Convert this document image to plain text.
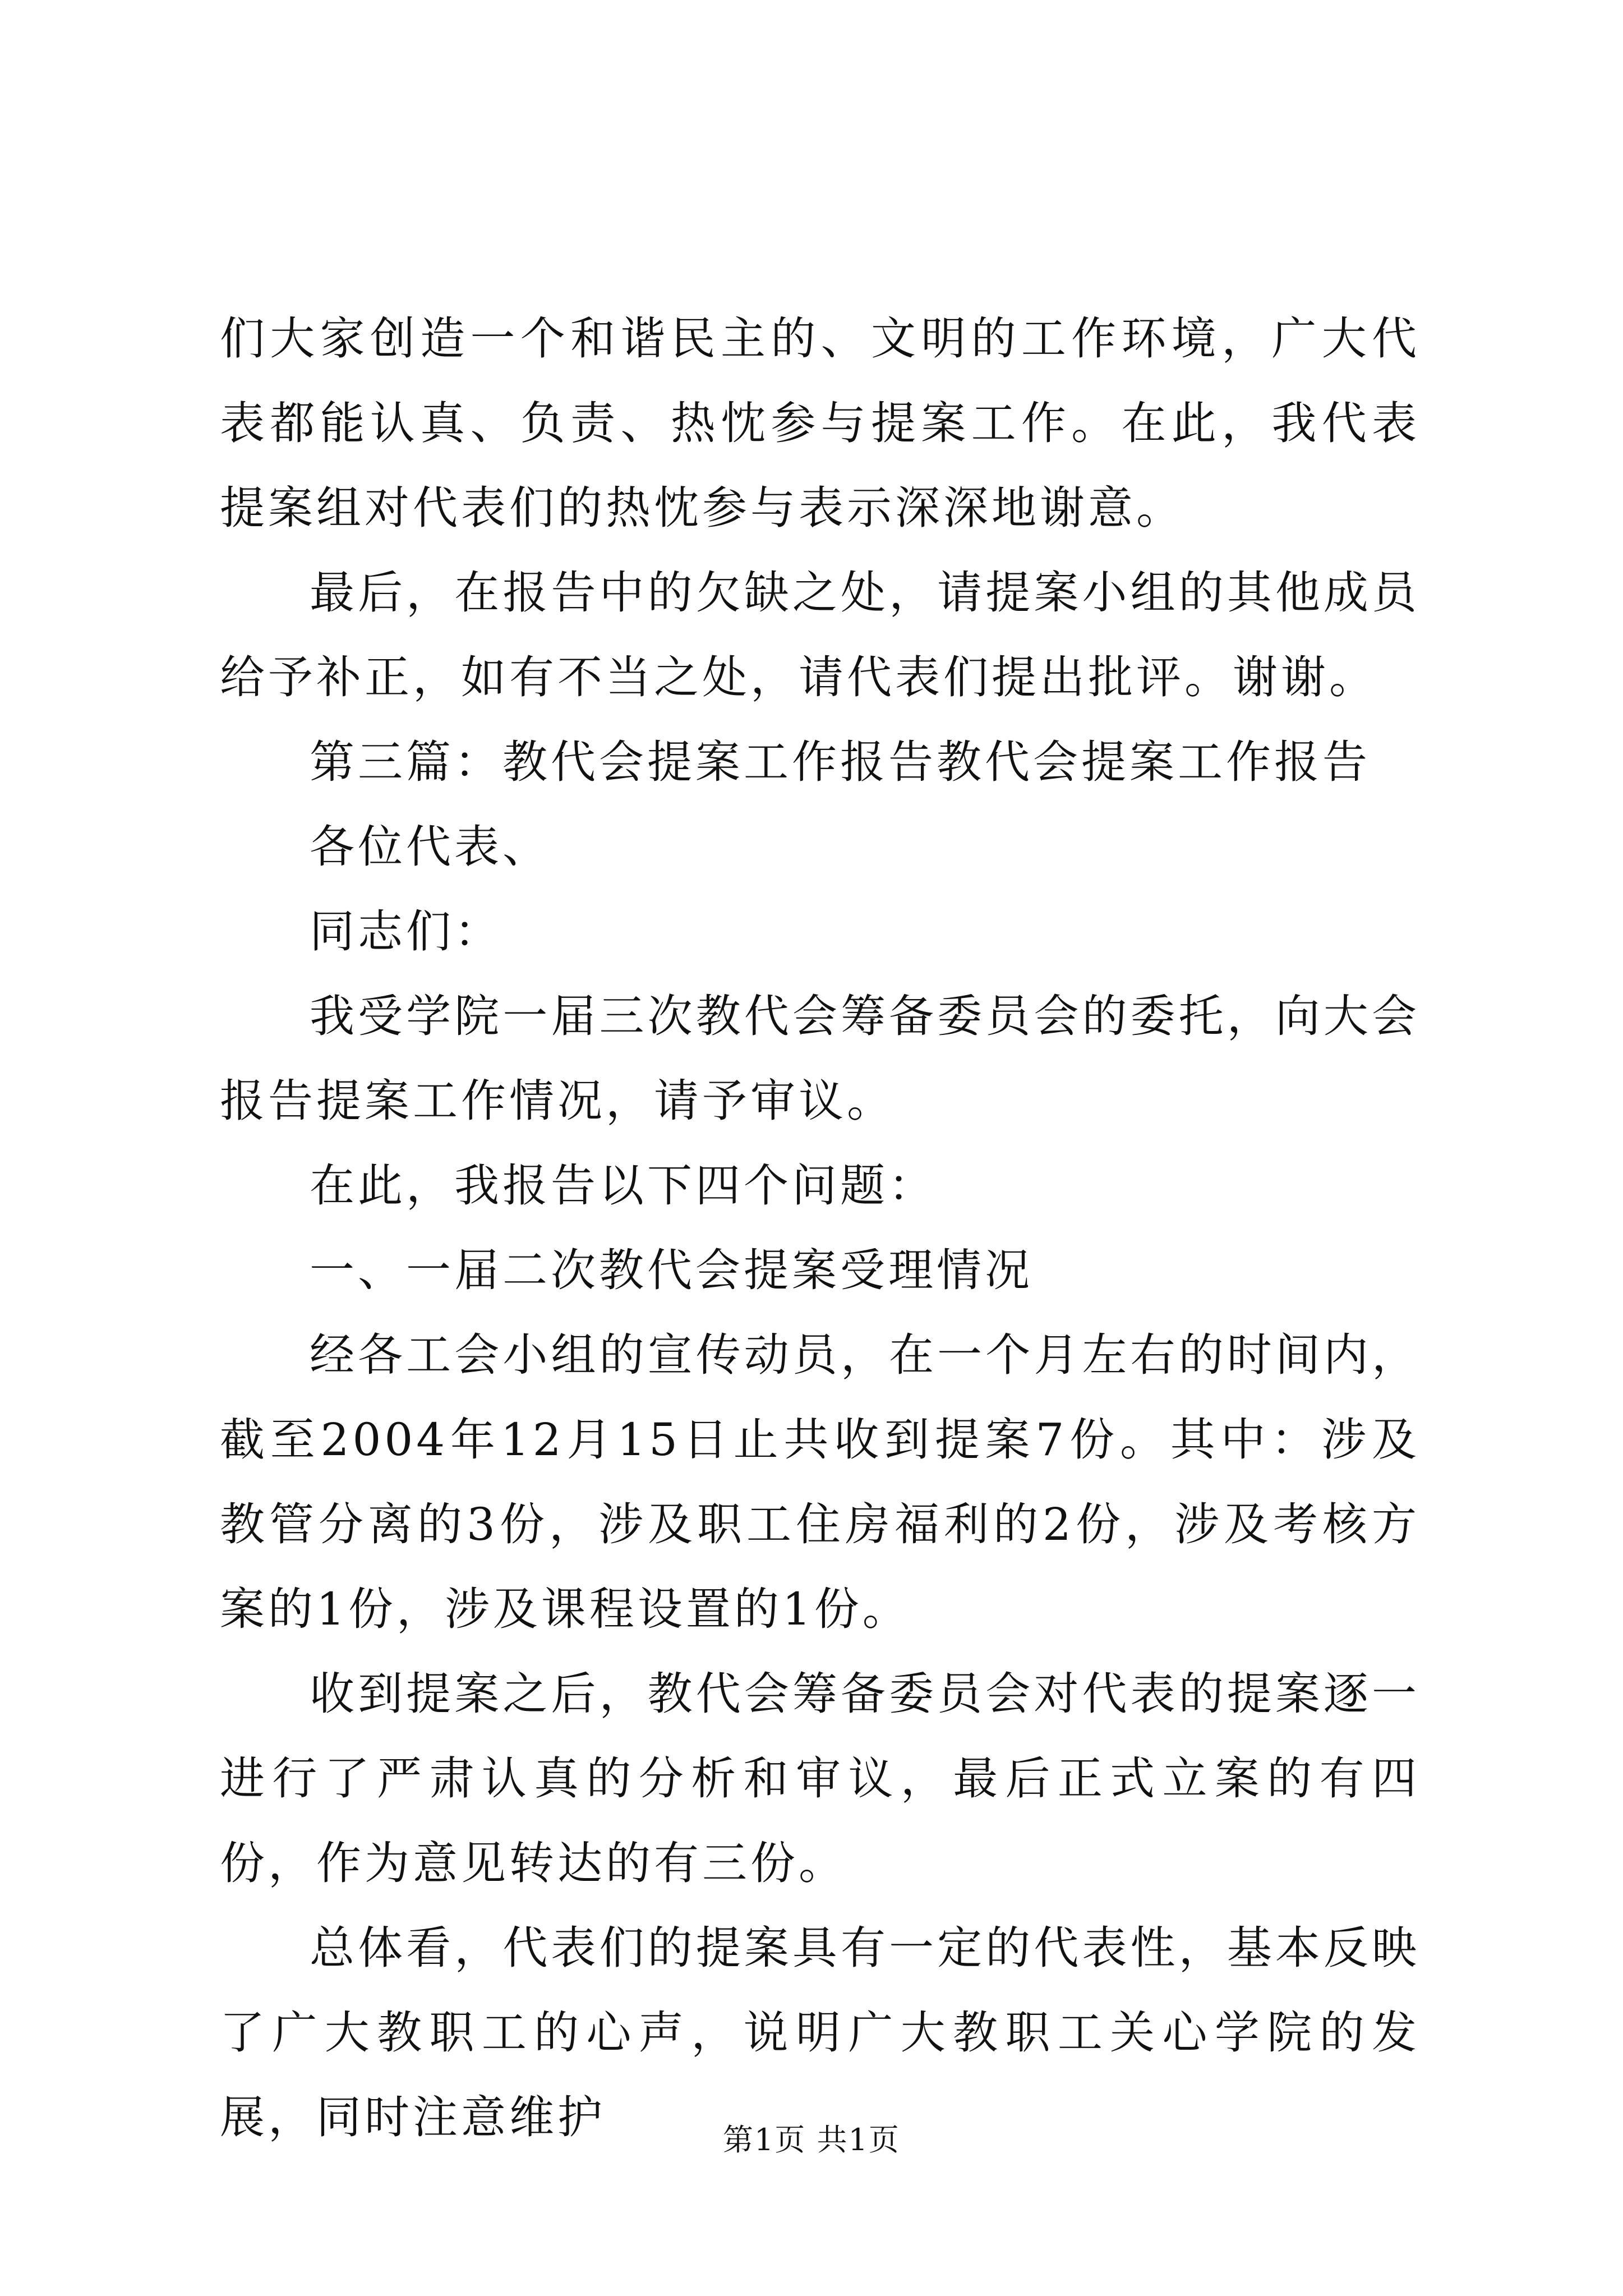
们大家创造一个和谐民主的、文明的工作环境，广大代表都能认真、负责、热忱参与提案工作。在此，我代表提案组对代表们的热忱参与表示深深地谢意。

最后，在报告中的欠缺之处，请提案小组的其他成员给予补正，如有不当之处，请代表们提出批评。谢谢。

第三篇：教代会提案工作报告教代会提案工作报告

各位代表、

同志们：

我受学院一届三次教代会筹备委员会的委托，向大会报告提案工作情况，请予审议。

在此，我报告以下四个问题：

一、一届二次教代会提案受理情况

经各工会小组的宣传动员，在一个月左右的时间内，截至2004年12月15日止共收到提案7份。其中：涉及教管分离的3份，涉及职工住房福利的2份，涉及考核方案的1份，涉及课程设置的1份。

收到提案之后，教代会筹备委员会对代表的提案逐一进行了严肃认真的分析和审议，最后正式立案的有四份，作为意见转达的有三份。

总体看，代表们的提案具有一定的代表性，基本反映了广大教职工的心声，说明广大教职工关心学院的发展，同时注意维护	第1页 共1页
